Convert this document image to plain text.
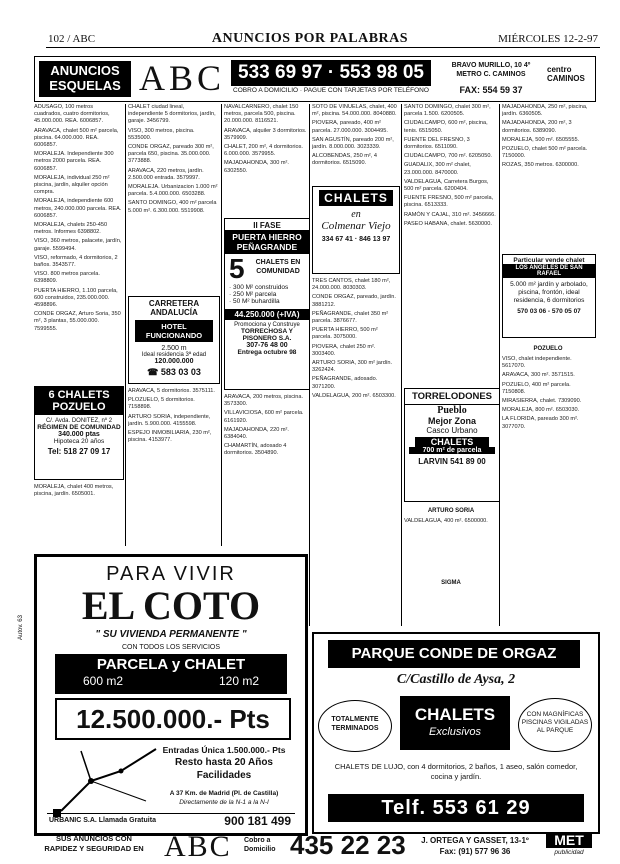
102 / ABC	ANUNCIOS POR PALABRAS	MIÉRCOLES 12-2-97
ANUNCIOS ESQUELAS ABC 533 69 97 · 553 98 05
COBRO A DOMICILIO · PAGUE CON TARJETAS POR TELÉFONO
BRAVO MURILLO, 10 4º METRO C. CAMINOS
FAX: 554 59 37
centro CAMINOS

ADUSAGO, 100 metros cuadrados, cuatro dormitorios, 45.000.000. REA. 6006857.

ARAVACA, chalet 500 m² parcela, piscina. 64.000.000. REA. 6006857.

MORALEJA. Independiente 300 metros 2000 parcela. REA. 6006857.

MORALEJA, individual 250 m² piscina, jardín, alquiler opción compra.

MORALEJA, independiente 600 metros, 240.000.000 parcela. REA. 6006857.

MORALEJA, chalets 250-450 metros. Informes 6398802.

VISO, 360 metros, palacete, jardín, garaje. 5599494.

VISO, reformado, 4 dormitorios, 2 baños. 3543577.

VISO. 800 metros parcela. 6398809.

PUERTA HIERRO, 1.100 parcela, 600 construidos, 235.000.000. 4598896.

CONDE ORGAZ, Arturo Soria, 350 m², 3 plantas, 55.000.000. 7599555.

6 CHALETS POZUELO
C/. Avda. DONITEZ, nº 2
RÉGIMEN DE COMUNIDAD
340.000 ptas
Hipoteca 20 años
Tel: 518 27 09 17

MORALEJA, chalet 400 metros, piscina, jardín. 6505001.

CHALET ciudad lineal, independiente 5 dormitorios, jardín, garaje. 3456799.

VISO, 300 metros, piscina. 5535000.

CONDE ORGAZ, pareado 300 m², parcela 650, piscina. 35.000.000. 3773888.

ARAVACA, 220 metros, jardín. 2.500.000 entrada. 3579997.

MORALEJA. Urbanizacion 1.000 m² parcela. 5.4.000.000. 6503288.

SANTO DOMINGO, 400 m² parcela 5.000 m². 6.300.000. 5519908.

CARRETERA ANDALUCÍA
HOTEL FUNCIONANDO
2.500 m
Ideal residencia 3ª edad
120.000.000
☎ 583 03 03

ARAVACA, 5 dormitorios. 3575111.

PLOZUELO, 5 dormitorios. 7158898.

ARTURO SORIA, independiente, jardín. 5.900.000. 4155598.

ESPEJO INMOBILIARIA, 230 m², piscina. 4153977.

NAVALCARNERO, chalet 150 metros, parcela 500, piscina. 20.000.000. 8116521.

ARAVACA, alquiler 3 dormitorios. 3579909.

CHALET, 200 m², 4 dormitorios. 6.000.000. 3579955.

MAJADAHONDA, 300 m². 6302550.

II FASE
PUERTA HIERRO PEÑAGRANDE
5	CHALETS EN COMUNIDAD
· 300 M² construidos
· 250 M² parcela
· 50 M² buhardilla
44.250.000 (+IVA)
Promociona y Construye
TORRECHOSA Y PISONERO S.A.
307-76 48 00
Entrega octubre 98

ARAVACA, 200 metros, piscina. 3573300.

VILLAVICIOSA, 600 m² parcela. 6161920.

MAJADAHONDA, 220 m². 6384040.

CHAMARTÍN, adosado 4 dormitorios. 3504890.

SOTO DE VIÑUELAS, chalet, 400 m², piscina. 54.000.000. 8040880.

PIOVERA, pareado, 400 m² parcela. 27.000.000. 3004495.

SAN AGUSTÍN, pareado 200 m², jardín. 8.000.000. 3023339.

ALCOBENDAS, 250 m², 4 dormitorios. 6515090.

CHALETS
en
Colmenar Viejo
334 67 41 · 846 13 97

TRES CANTOS, chalet 180 m², 24.000.000. 8030303.

CONDE ORGAZ, pareado, jardín. 3881212.

PEÑAGRANDE, chalet 350 m² parcela. 3876677.

PUERTA HIERRO, 500 m² parcela. 3075000.

PIOVERA, chalet 250 m². 3003400.

ARTURO SORIA, 300 m² jardín. 3262424.

PEÑAGRANDE, adosado. 3071200.

VALDELAGUA, 200 m². 6503300.

SANTO DOMINGO, chalet 300 m², parcela 1.500. 6200505.

CIUDALCAMPO, 600 m², piscina, tenis. 6515050.

FUENTE DEL FRESNO, 3 dormitorios. 6511090.

CIUDALCAMPO, 700 m². 6205050.

GUADALIX, 300 m² chalet, 23.000.000. 8470000.

VALDELAGUA, Carretera Burgos, 500 m² parcela. 6200404.

FUENTE FRESNO, 500 m² parcela, piscina. 6513333.

RAMÓN Y CAJAL, 310 m². 3456666.

PASEO HABANA, chalet. 5630000.

TORRELODONES
Pueblo
Mejor Zona
Casco Urbano
CHALETS
700 m² de parcela
LARVIN 541 89 00
ARTURO SORIA

VALDELAGUA, 400 m². 6500000.

SIGMA

MAJADAHONDA, 250 m², piscina, jardín. 6360505.

MAJADAHONDA, 200 m², 3 dormitorios. 6389090.

MORALEJA, 500 m². 6505555.

POZUELO, chalet 500 m² parcela. 7150000.

ROZAS, 350 metros. 6300000.

Particular vende chalet
LOS ANGELES DE SAN RAFAEL
5.000 m² jardín y arbolado, piscina, frontón, ideal residencia, 6 dormitorios
570 03 06 - 570 05 07
POZUELO

VISO, chalet independiente. 5617070.

ARAVACA, 300 m². 3571515.

POZUELO, 400 m² parcela. 7150808.

MIRASIERRA, chalet. 7309090.

MORALEJA, 800 m². 6503030.

LA FLORIDA, pareado 300 m². 3077070.

PARA VIVIR
EL COTO
" SU VIVIENDA PERMANENTE "
CON TODOS LOS SERVICIOS
PARCELA y CHALET
600 m2	120 m2
12.500.000.- Pts
Entradas Única 1.500.000.- Pts
Resto hasta 20 Años
Facilidades
A 37 Km. de Madrid (Pl. de Castilla)
Directamente de la N-1 a la N-I
URBANIC S.A. Llamada Gratuita	900 181 499
Autov. 63
PARQUE CONDE DE ORGAZ
C/Castillo de Aysa, 2
TOTALMENTE TERMINADOS
CHALETS
Exclusivos
CON MAGNÍFICAS PISCINAS VIGILADAS AL PARQUE
CHALETS DE LUJO, con 4 dormitorios, 2 baños, 1 aseo, salón comedor, cocina y jardín.
Telf. 553 61 29
SUS ANUNCIOS CON
RAPIDEZ Y SEGURIDAD EN ABC Cobro a Domicilio 435 22 23	J. ORTEGA Y GASSET, 13-1º
Fax: (91) 577 96 36
MET
publicidad
